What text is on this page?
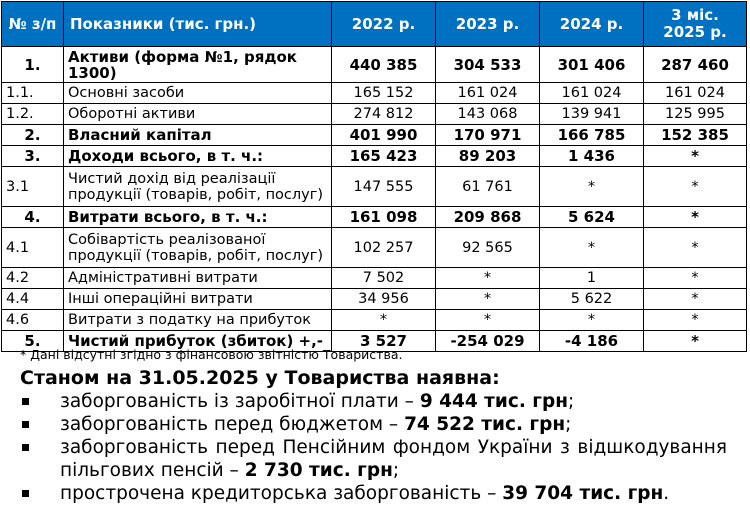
№ з/п	Показники (тис. грн.)	2022 р.	2023 р.	2024 р.	3 міс. 2025 р.
1.	Активи (форма №1, рядок 1300)	440 385	304 533	301 406	287 460
1.1.	Основні засоби	165 152	161 024	161 024	161 024
1.2.	Оборотні активи	274 812	143 068	139 941	125 995
2.	Власний капітал	401 990	170 971	166 785	152 385
3.	Доходи всього, в т. ч.:	165 423	89 203	1 436	*
3.1	Чистий дохід від реалізації продукції (товарів, робіт, послуг)	147 555	61 761	*	*
4.	Витрати всього, в т. ч.:	161 098	209 868	5 624	*
4.1	Собівартість реалізованої продукції (товарів, робіт, послуг)	102 257	92 565	*	*
4.2	Адміністративні витрати	7 502	*	1	*
4.4	Інші операційні витрати	34 956	*	5 622	*
4.6	Витрати з податку на прибуток	*	*	*	*
5.	Чистий прибуток (збиток) +,-	3 527	-254 029	-4 186	*
* Дані відсутні згідно з фінансовою звітністю Товариства.
Станом на 31.05.2025 у Товариства наявна:
заборгованість із заробітної плати – 9 444 тис. грн;
заборгованість перед бюджетом – 74 522 тис. грн;
заборгованість перед Пенсійним фондом України з відшкодування пільгових пенсій – 2 730 тис. грн;
прострочена кредиторська заборгованість – 39 704 тис. грн.
